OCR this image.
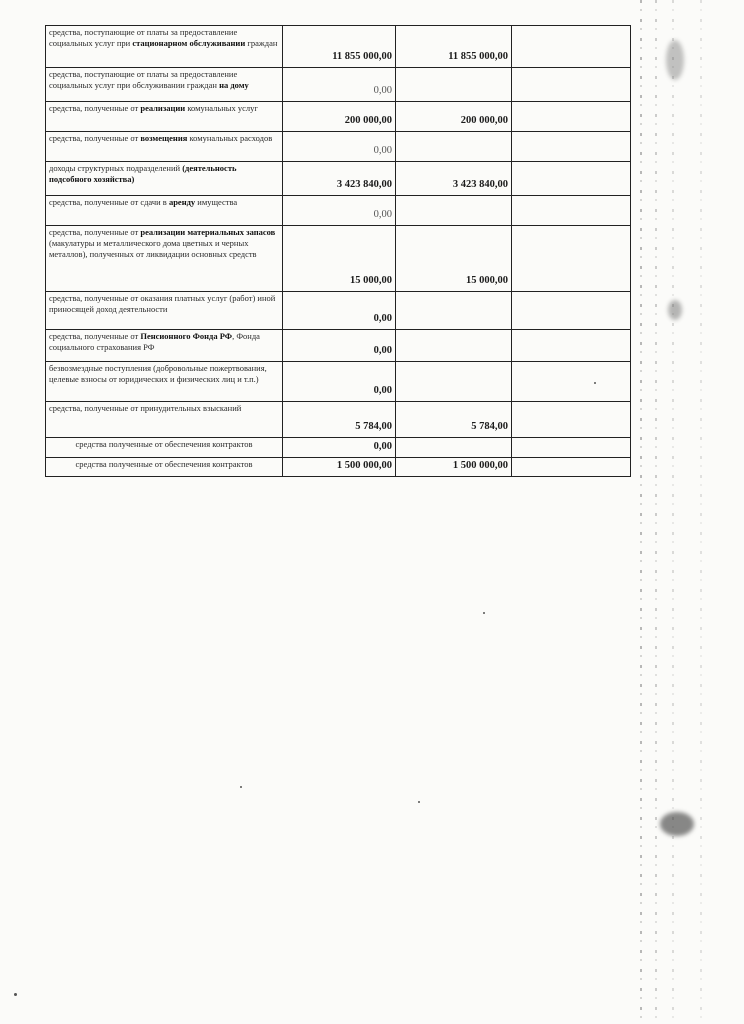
средства, поступающие от платы за предоставление социальных услуг при стационарном обслуживании граждан	11 855 000,00	11 855 000,00	
средства, поступающие от платы за предоставление социальных услуг при обслуживании граждан на дому	0,00		
средства, полученные от реализации комунальных услуг	200 000,00	200 000,00	
средства, полученные от возмещения комунальных расходов	0,00		
доходы структурных подразделений (деятельность подсобного хозяйства)	3 423 840,00	3 423 840,00	
средства, полученные от сдачи в аренду имущества	0,00		
средства, полученные от реализации материальных запасов (макулатуры и металлического дома цветных и черных металлов), полученных от ликвидации основных средств	15 000,00	15 000,00	
средства, полученные от оказания платных услуг (работ) иной приносящей доход деятельности	0,00		
средства, полученные от Пенсионного Фонда РФ, Фонда социального страхования РФ	0,00		
безвозмездные поступления (добровольные пожертвования, целевые взносы от юридических и физических лиц и т.п.)	0,00		
средства, полученные от принудительных взысканий	5 784,00	5 784,00	
средства полученные от обеспечения контрактов	0,00		
средства полученные от обеспечения контрактов	1 500 000,00	1 500 000,00	
